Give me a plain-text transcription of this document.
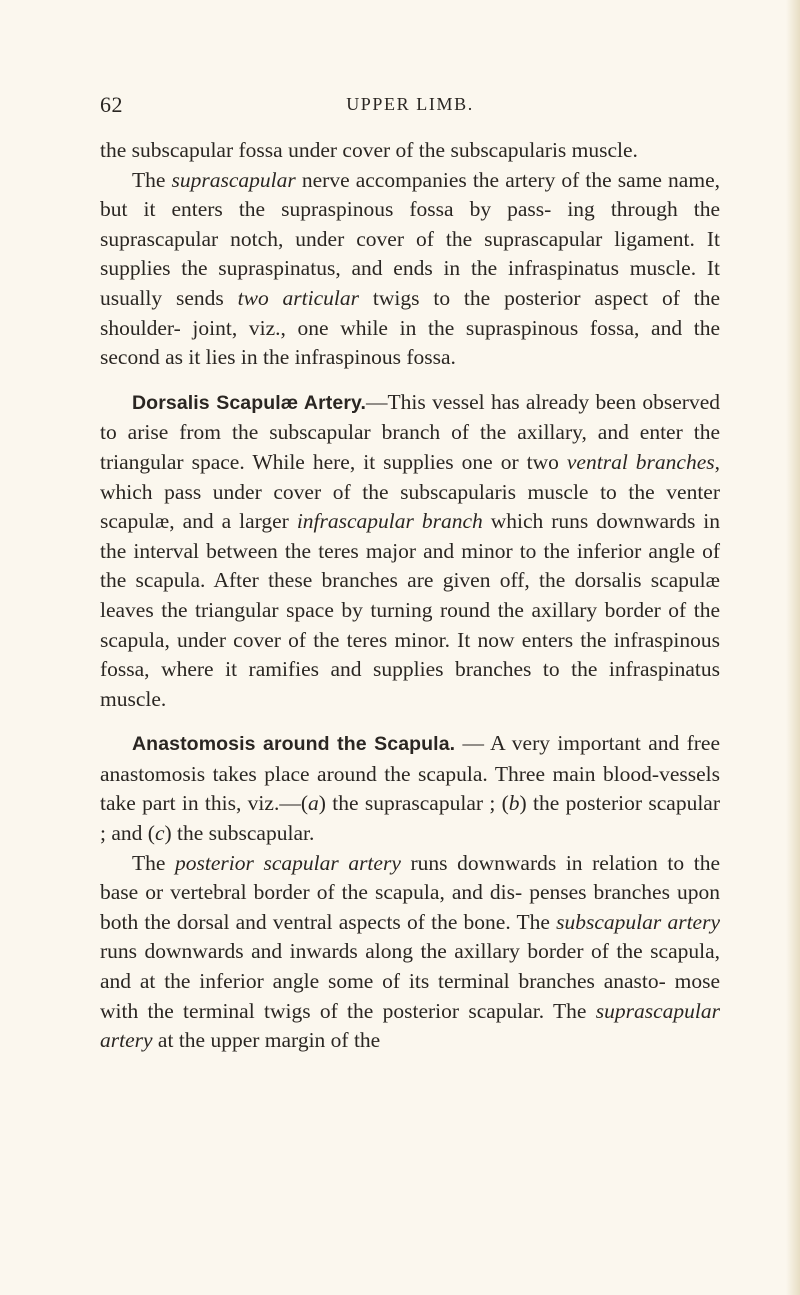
62	UPPER LIMB.

the subscapular fossa under cover of the subscapularis muscle.

The suprascapular nerve accompanies the artery of the same name, but it enters the supraspinous fossa by pass- ing through the suprascapular notch, under cover of the suprascapular ligament. It supplies the supraspinatus, and ends in the infraspinatus muscle. It usually sends two articular twigs to the posterior aspect of the shoulder- joint, viz., one while in the supraspinous fossa, and the second as it lies in the infraspinous fossa.

Dorsalis Scapulæ Artery.—This vessel has already been observed to arise from the subscapular branch of the axillary, and enter the triangular space. While here, it supplies one or two ventral branches, which pass under cover of the subscapularis muscle to the venter scapulæ, and a larger infrascapular branch which runs downwards in the interval between the teres major and minor to the inferior angle of the scapula. After these branches are given off, the dorsalis scapulæ leaves the triangular space by turning round the axillary border of the scapula, under cover of the teres minor. It now enters the infraspinous fossa, where it ramifies and supplies branches to the infraspinatus muscle.

Anastomosis around the Scapula. — A very important and free anastomosis takes place around the scapula. Three main blood-vessels take part in this, viz.—(a) the suprascapular ; (b) the posterior scapular ; and (c) the subscapular.

The posterior scapular artery runs downwards in relation to the base or vertebral border of the scapula, and dis- penses branches upon both the dorsal and ventral aspects of the bone. The subscapular artery runs downwards and inwards along the axillary border of the scapula, and at the inferior angle some of its terminal branches anasto- mose with the terminal twigs of the posterior scapular. The suprascapular artery at the upper margin of the
